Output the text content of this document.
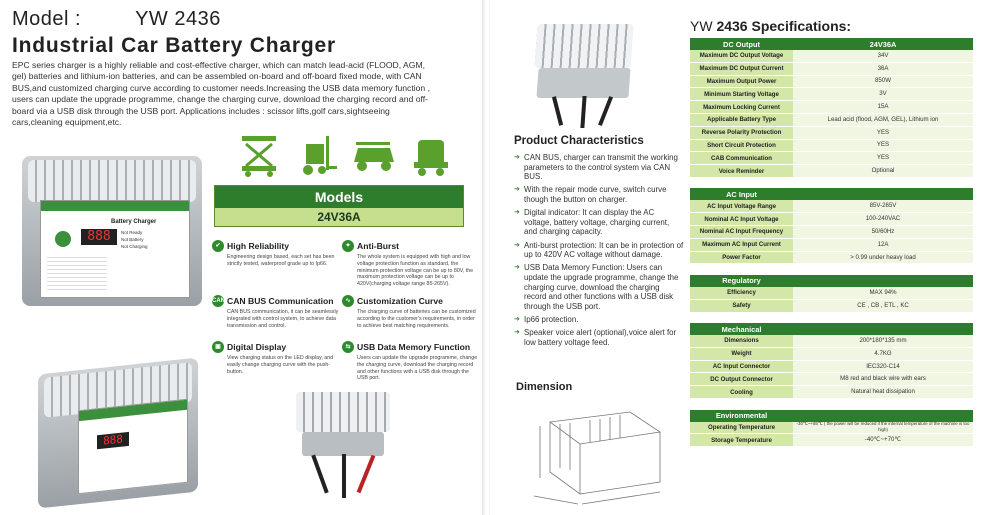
Model :	YW 2436
Industrial Car Battery Charger
EPC series charger is a highly reliable and cost-effective charger, which can match lead-acid (FLOOD, AGM, gel) batteries and lithium-ion batteries, and can be assembled on-board and off-board fixed mode, with CAN BUS,and customized charging curve according to customer needs.Increasing the USB data memory function , users can update the upgrade programme, change the charging curve, download the charging record and off-board via a USB disk through the USB port. Applications includes : scissor lifts,golf cars,sightseeing cars,cleaning equipment,etc.
Battery Charger
888	Not Ready
Not Battery
Not Charging
888
Models
24V36A
✔ High Reliability
Engineering design based, each set has been strictly tested, waterproof grade up to Ip66.
✦ Anti-Burst
The whole system is equipped with high and low voltage protection function as standard, the minimum protection voltage can be up to 80V, the maximum protection voltage can be up to 420V(charging voltage range 85-265V).
CAN CAN BUS Communication
CAN BUS communication, it can be seamlessly integrated with control system, to achieve data transmission and control.
∿ Customization Curve
The charging curve of batteries can be customized according to the customer's requirements, in order to achieve best matching requirements.
▣ Digital Display
View charging status on the LED display, and easily change charging curve with the push-button.
⇆ USB Data Memory Function
Users can update the upgrade programme, change the charging curve, download the charging record and other functions with a USB disk through the USB port.
Product Characteristics
➜ CAN BUS, charger can transmit the working parameters to the control system via CAN BUS.
➜ With the repair mode curve, switch curve though the button on charger.
➜ Digital indicator: It can display the AC voltage, battery voltage, charging current, and charging capacity.
➜ Anti-burst protection: It can be in protection of up to 420V AC voltage without damage.
➜ USB Data Memory Function: Users can update the upgrade programme, change the charging curve, download the charging record and other functions with a USB disk through the USB port.
➜ Ip66 protection.
➜ Speaker voice alert (optional),voice alert for low battery voltage feed.
Dimension
YW 2436 Specifications:
DC Output	24V36A
Maximum DC Output Voltage	34V
Maximum DC Output Current	36A
Maximum Output Power	850W
Minimum Starting Voltage	3V
Maximum Locking Current	15A
Applicable Battery Type	Lead acid (flood, AGM, GEL), Lithium ion
Reverse Polarity Protection	YES
Short Circuit Protection	YES
CAB Communication	YES
Voice Reminder	Optional
AC Input
AC Input Voltage Range	85V-265V
Nominal AC Input Voltage	100-240VAC
Nominal AC Input Frequency	50/60Hz
Maximum AC Input Current	12A
Power Factor	> 0.99 under heavy load
Regulatory
Efficiency	MAX 94%
Safety	CE , CB , ETL , KC
Mechanical
Dimensions	200*180*135 mm
Weight	4.7KG
AC Input Connector	IEC320-C14
DC Output Connector	M8 red and black wire with ears
Cooling	Natural heat dissipation
Environmental
Operating Temperature	-30℃~+65℃ ( the power will be reduced if the internal temperature of the machine is too high)
Storage Temperature	-40℃~+70℃
